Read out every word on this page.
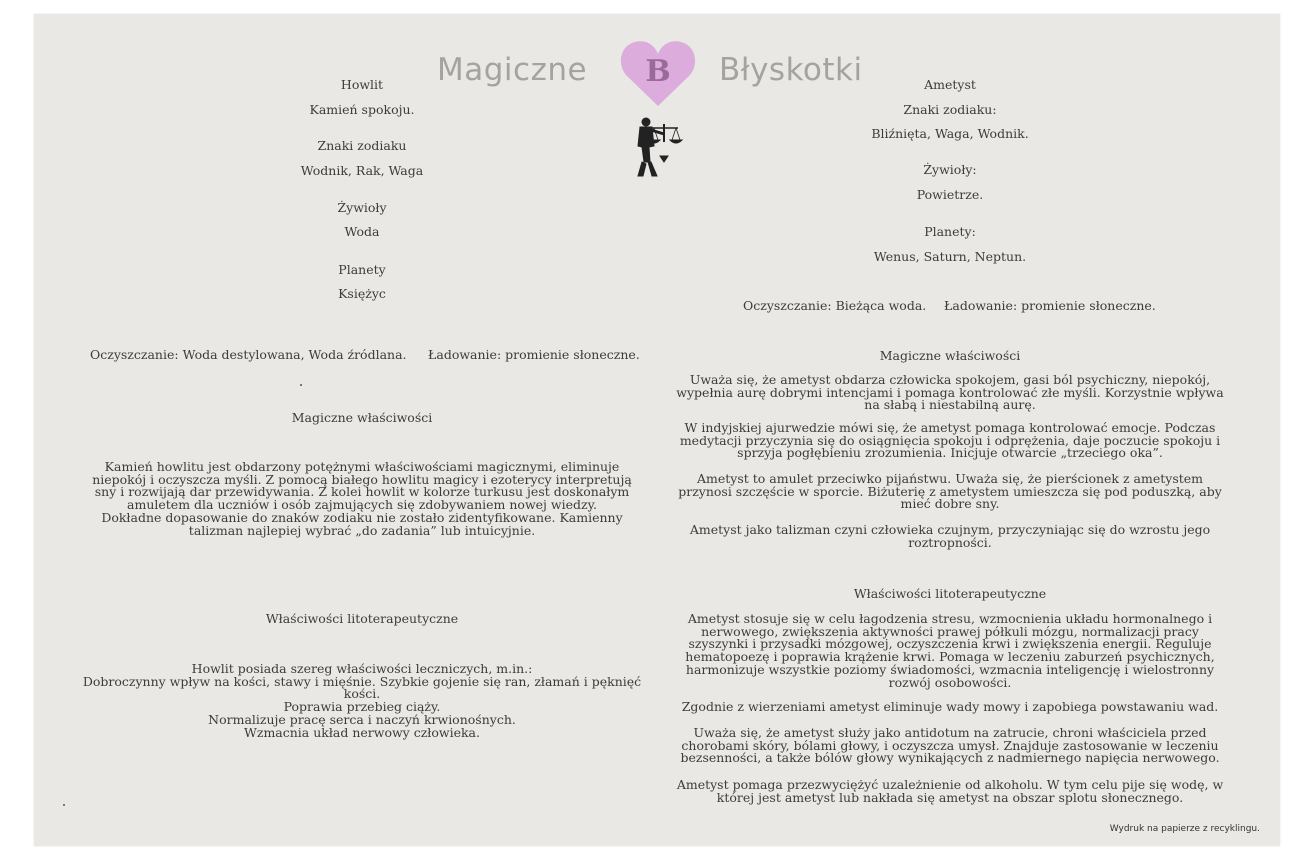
Magiczne	B	Błyskotki
Howlit
Kamień spokoju.
Znaki zodiaku
Wodnik, Rak, Waga
Żywioły
Woda
Planety
Księżyc
Oczyszczanie: Woda destylowana, Woda źródlana. Ładowanie: promienie słoneczne.
Magiczne właściwości
Kamień howlitu jest obdarzony potężnymi właściwościami magicznymi, eliminuje
niepokój i oczyszcza myśli. Z pomocą białego howlitu magicy i ezoterycy interpretują
sny i rozwijają dar przewidywania. Z kolei howlit w kolorze turkusu jest doskonałym
amuletem dla uczniów i osób zajmujących się zdobywaniem nowej wiedzy.
Dokładne dopasowanie do znaków zodiaku nie zostało zidentyfikowane. Kamienny
talizman najlepiej wybrać „do zadania” lub intuicyjnie.
Właściwości litoterapeutyczne
Howlit posiada szereg właściwości leczniczych, m.in.:
Dobroczynny wpływ na kości, stawy i mięśnie. Szybkie gojenie się ran, złamań i pęknięć
kości.
Poprawia przebieg ciąży.
Normalizuje pracę serca i naczyń krwionośnych.
Wzmacnia układ nerwowy człowieka.
Ametyst
Znaki zodiaku:
Bliźnięta, Waga, Wodnik.
Żywioły:
Powietrze.
Planety:
Wenus, Saturn, Neptun.
Oczyszczanie: Bieżąca woda. Ładowanie: promienie słoneczne.
Magiczne właściwości
Uważa się, że ametyst obdarza człowicka spokojem, gasi ból psychiczny, niepokój,
wypełnia aurę dobrymi intencjami i pomaga kontrolować złe myśli. Korzystnie wpływa
na słabą i niestabilną aurę.
W indyjskiej ajurwedzie mówi się, że ametyst pomaga kontrolować emocje. Podczas
medytacji przyczynia się do osiągnięcia spokoju i odprężenia, daje poczucie spokoju i
sprzyja pogłębieniu zrozumienia. Inicjuje otwarcie „trzeciego oka”.
Ametyst to amulet przeciwko pijaństwu. Uważa się, że pierścionek z ametystem
przynosi szczęście w sporcie. Biżuterię z ametystem umieszcza się pod poduszką, aby
mieć dobre sny.
Ametyst jako talizman czyni człowieka czujnym, przyczyniając się do wzrostu jego
roztropności.
Właściwości litoterapeutyczne
Ametyst stosuje się w celu łagodzenia stresu, wzmocnienia układu hormonalnego i
nerwowego, zwiększenia aktywności prawej półkuli mózgu, normalizacji pracy
szyszynki i przysadki mózgowej, oczyszczenia krwi i zwiększenia energii. Reguluje
hematopoezę i poprawia krążenie krwi. Pomaga w leczeniu zaburzeń psychicznych,
harmonizuje wszystkie poziomy świadomości, wzmacnia inteligencję i wielostronny
rozwój osobowości.
Zgodnie z wierzeniami ametyst eliminuje wady mowy i zapobiega powstawaniu wad.
Uważa się, że ametyst służy jako antidotum na zatrucie, chroni właściciela przed
chorobami skóry, bólami głowy, i oczyszcza umysł. Znajduje zastosowanie w leczeniu
bezsenności, a także bólów głowy wynikających z nadmiernego napięcia nerwowego.
Ametyst pomaga przezwyciężyć uzależnienie od alkoholu. W tym celu pije się wodę, w
której jest ametyst lub nakłada się ametyst na obszar splotu słonecznego.
Wydruk na papierze z recyklingu.
